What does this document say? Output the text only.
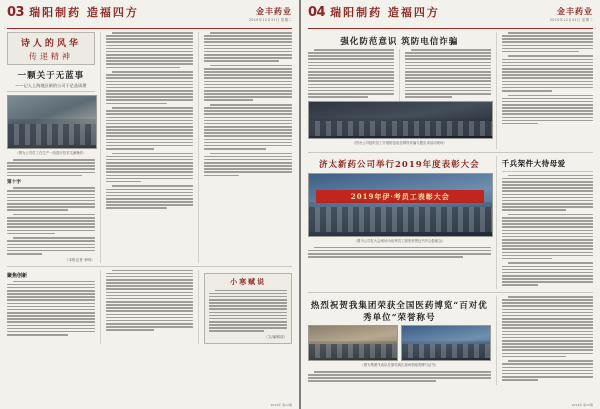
03 瑞阳制药 造福四方	金丰药业
2019年12月31日 星期二
诗人的风华
传递精神
一颗关于无蓝事
——记入上海地区新的公司干足品质理
（图为公司员工在生产一线进行技术交流操作）
第十字
（本报记者 李明）
聚焦创新
小寒赋说
（文/编辑部）
2019年 第12期
04 瑞阳制药 造福四方	金丰药业
2019年12月31日 星期二
强化防范意识 筑防电信诈骗
（图为公司组织员工开展防范电信网络诈骗专题宣讲活动现场）
济太新药公司举行2019年度表彰大会
2019年伊·考员工表彰大会
（图为公司在大会现场为优秀员工颁发荣誉证书并合影留念）
千兵架件大待母爱
热烈祝贺我集团荣获全国医药博览“百对优秀单位”荣誉称号
（图为集团代表队在颁奖典礼现场领取奖牌与证书）
2019年 第12期
